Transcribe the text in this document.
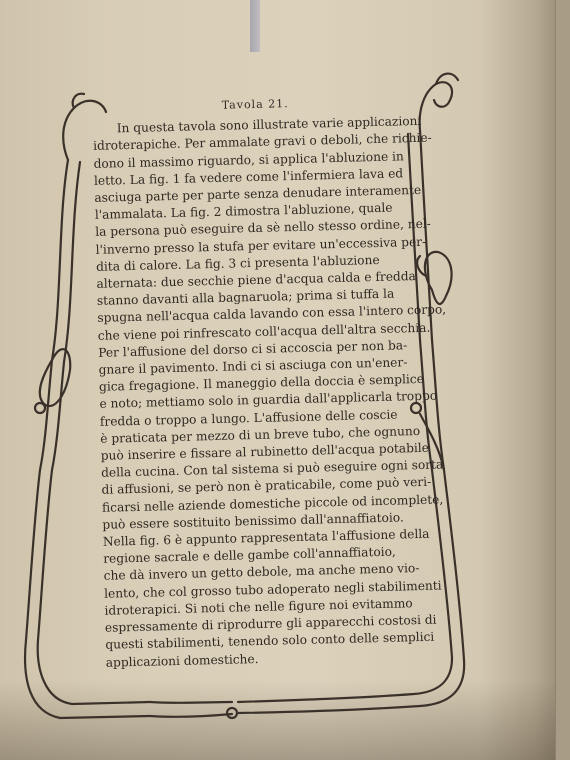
Tavola 21.
In questa tavola sono illustrate varie applicazioni
idroterapiche. Per ammalate gravi o deboli, che richie-
dono il massimo riguardo, si applica l'abluzione in
letto. La fig. 1 fa vedere come l'infermiera lava ed
asciuga parte per parte senza denudare interamente
l'ammalata. La fig. 2 dimostra l'abluzione, quale
la persona può eseguire da sè nello stesso ordine, nel-
l'inverno presso la stufa per evitare un'eccessiva per-
dita di calore. La fig. 3 ci presenta l'abluzione
alternata: due secchie piene d'acqua calda e fredda
stanno davanti alla bagnaruola; prima si tuffa la
spugna nell'acqua calda lavando con essa l'intero corpo,
che viene poi rinfrescato coll'acqua dell'altra secchia.
Per l'affusione del dorso ci si accoscia per non ba-
gnare il pavimento. Indi ci si asciuga con un'ener-
gica fregagione. Il maneggio della doccia è semplice
e noto; mettiamo solo in guardia dall'applicarla troppo
fredda o troppo a lungo. L'affusione delle coscie
è praticata per mezzo di un breve tubo, che ognuno
può inserire e fissare al rubinetto dell'acqua potabile
della cucina. Con tal sistema si può eseguire ogni sorta
di affusioni, se però non è praticabile, come può veri-
ficarsi nelle aziende domestiche piccole od incomplete,
può essere sostituito benissimo dall'annaffiatoio.
Nella fig. 6 è appunto rappresentata l'affusione della
regione sacrale e delle gambe coll'annaffiatoio,
che dà invero un getto debole, ma anche meno vio-
lento, che col grosso tubo adoperato negli stabilimenti
idroterapici. Si noti che nelle figure noi evitammo
espressamente di riprodurre gli apparecchi costosi di
questi stabilimenti, tenendo solo conto delle semplici
applicazioni domestiche.
